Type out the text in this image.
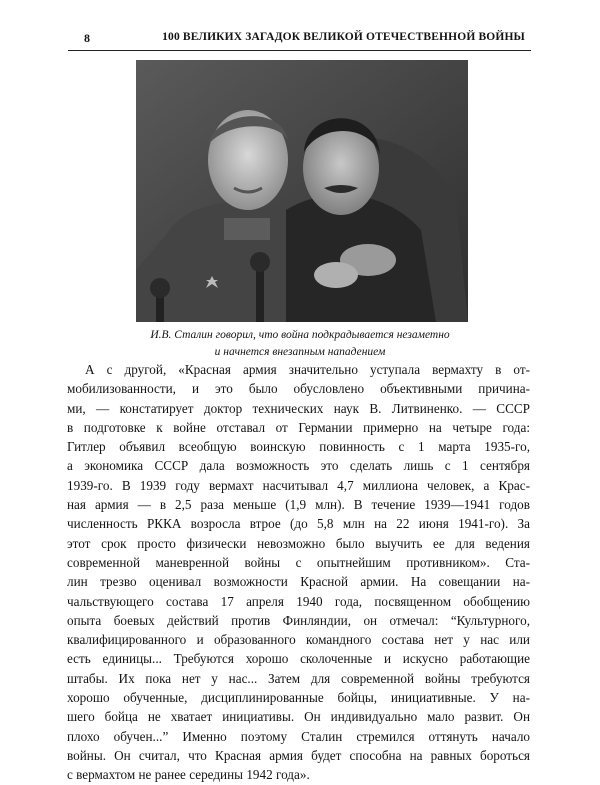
8	100 ВЕЛИКИХ ЗАГАДОК ВЕЛИКОЙ ОТЕЧЕСТВЕННОЙ ВОЙНЫ
И.В. Сталин говорил, что война подкрадывается незаметно
и начнется внезапным нападением
А с другой, «Красная армия значительно уступала вермахту в от-
мобилизованности, и это было обусловлено объективными причина-
ми, — констатирует доктор технических наук В. Литвиненко. — СССР
в подготовке к войне отставал от Германии примерно на четыре года:
Гитлер объявил всеобщую воинскую повинность с 1 марта 1935-го,
а экономика СССР дала возможность это сделать лишь с 1 сентября
1939-го. В 1939 году вермахт насчитывал 4,7 миллиона человек, а Крас-
ная армия — в 2,5 раза меньше (1,9 млн). В течение 1939—1941 годов
численность РККА возросла втрое (до 5,8 млн на 22 июня 1941-го). За
этот срок просто физически невозможно было выучить ее для ведения
современной маневренной войны с опытнейшим противником». Ста-
лин трезво оценивал возможности Красной армии. На совещании на-
чальствующего состава 17 апреля 1940 года, посвященном обобщению
опыта боевых действий против Финляндии, он отмечал: “Культурного,
квалифицированного и образованного командного состава нет у нас или
есть единицы... Требуются хорошо сколоченные и искусно работающие
штабы. Их пока нет у нас... Затем для современной войны требуются
хорошо обученные, дисциплинированные бойцы, инициативные. У на-
шего бойца не хватает инициативы. Он индивидуально мало развит. Он
плохо обучен...” Именно поэтому Сталин стремился оттянуть начало
войны. Он считал, что Красная армия будет способна на равных бороться
с вермахтом не ранее середины 1942 года».
